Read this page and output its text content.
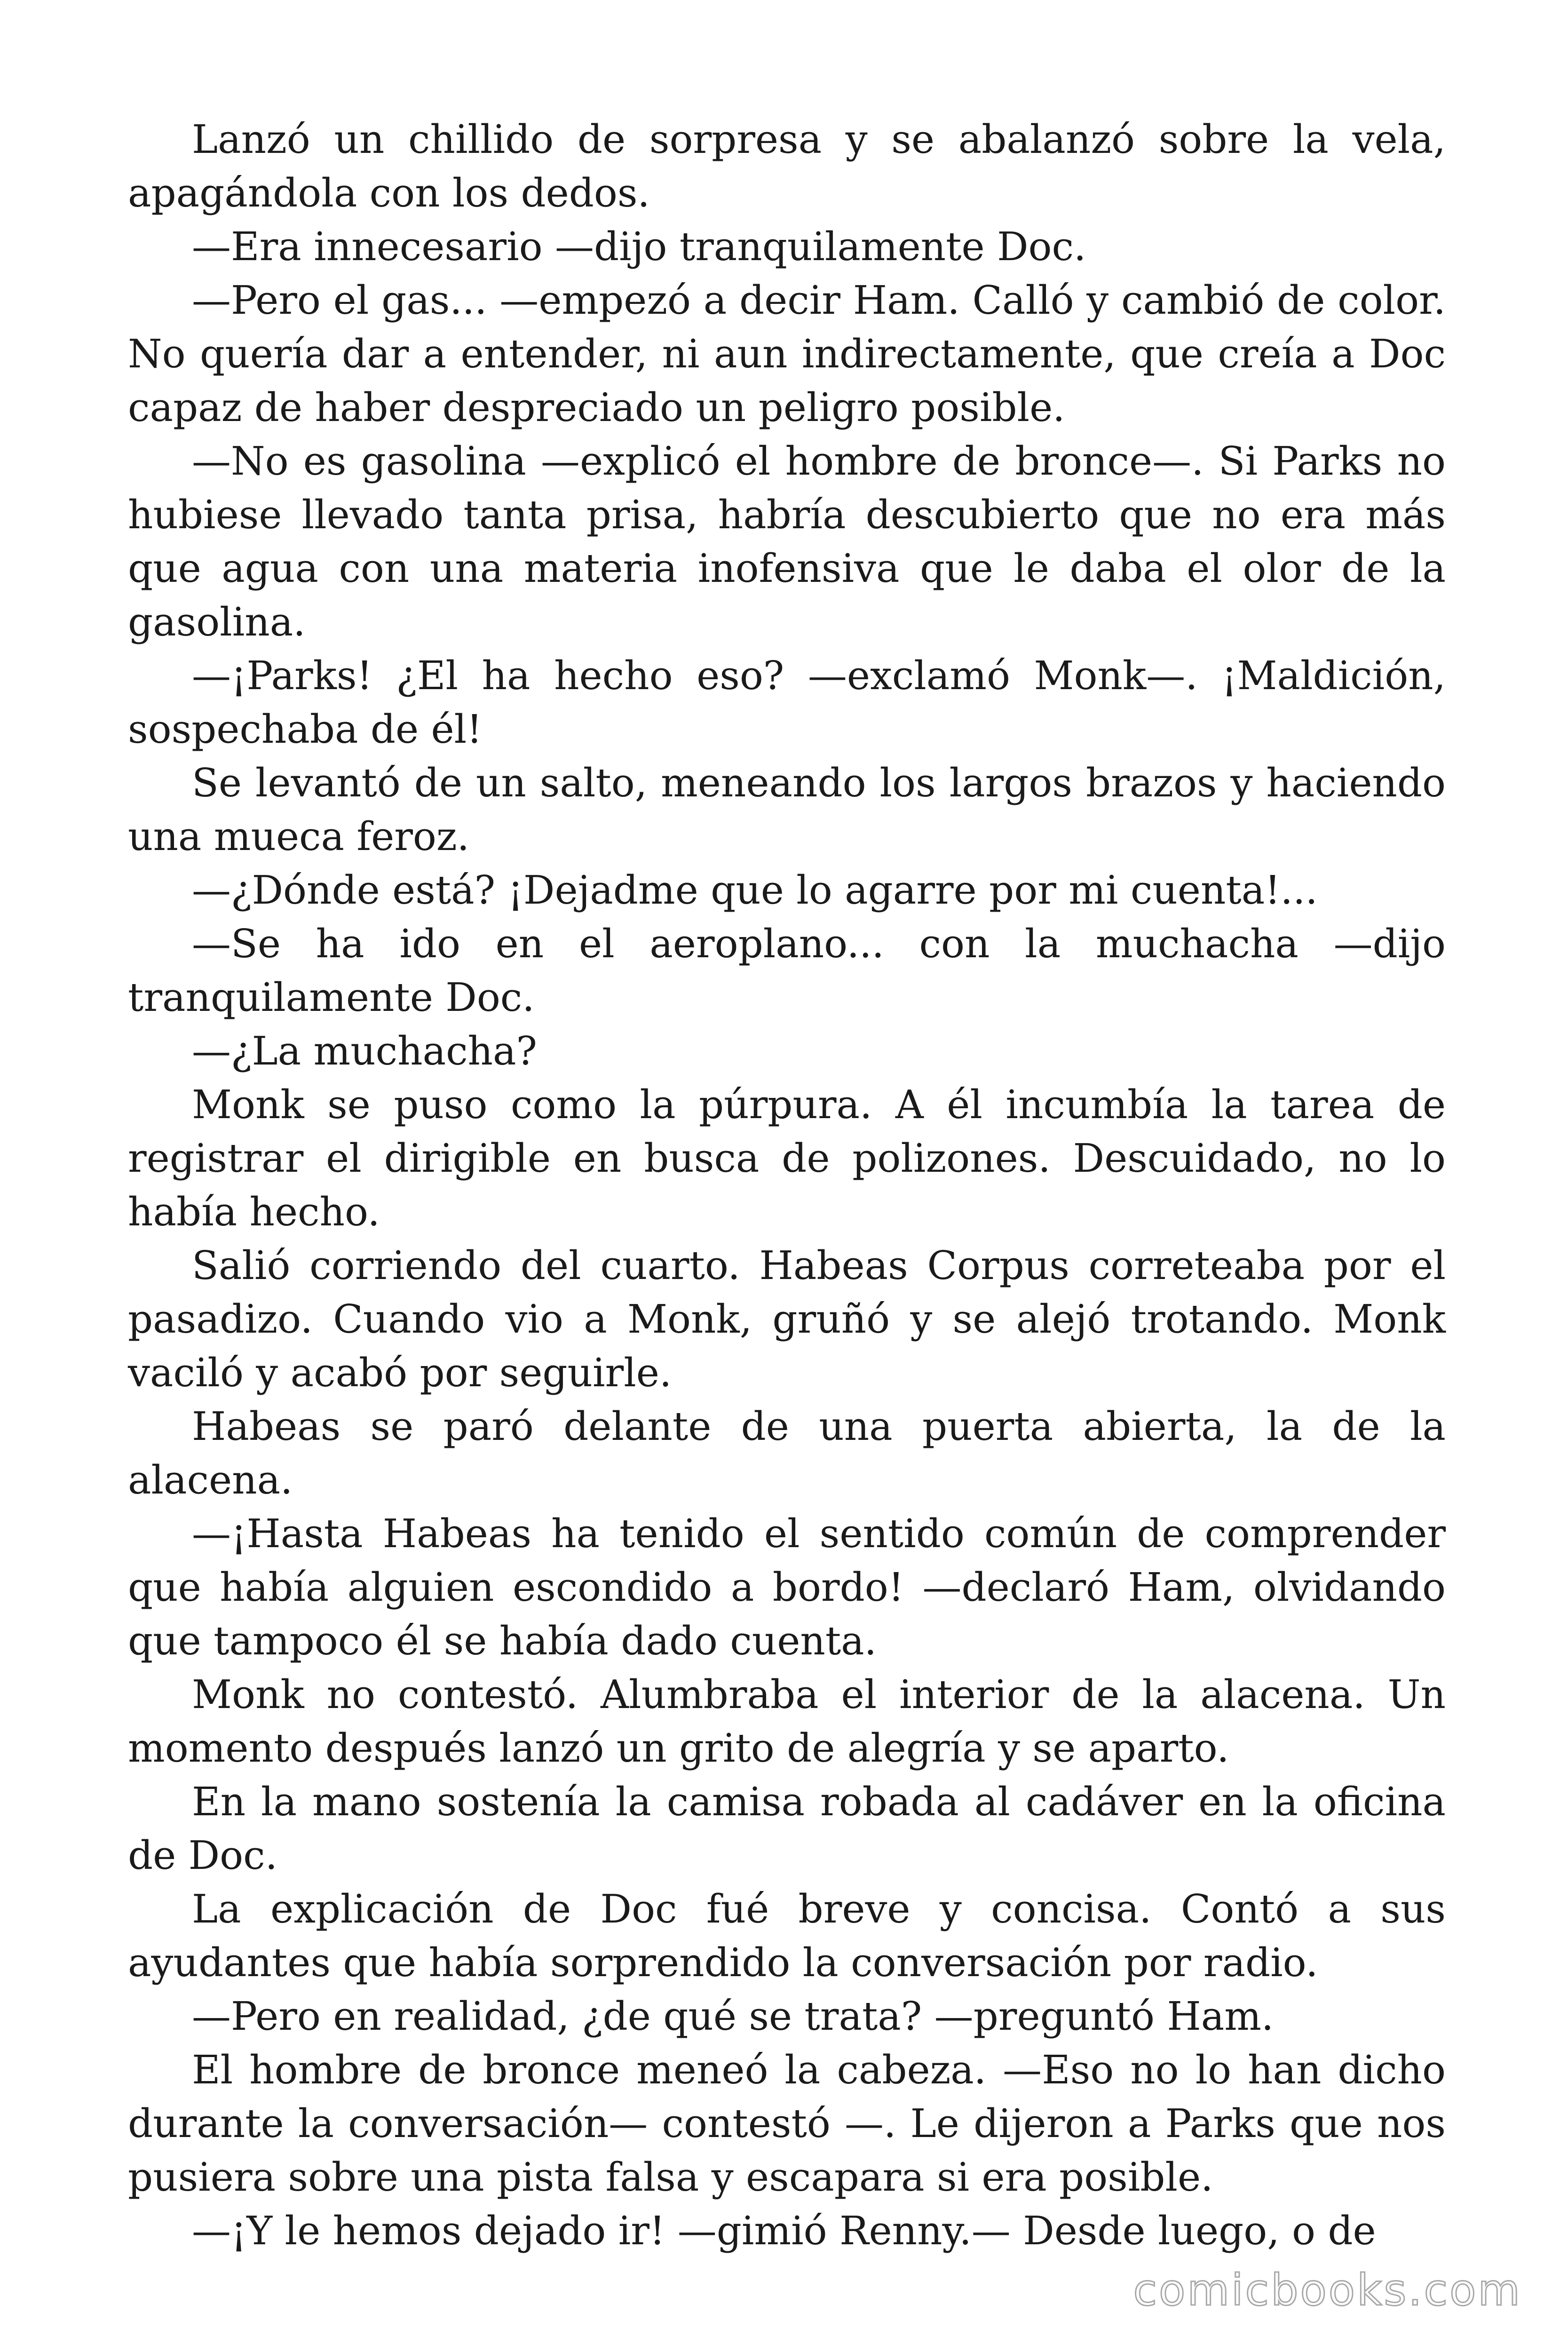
Lanzó un chillido de sorpresa y se abalanzó sobre la vela, apagándola con los dedos.

—Era innecesario —dijo tranquilamente Doc.

—Pero el gas... —empezó a decir Ham. Calló y cambió de color. No quería dar a entender, ni aun indirectamente, que creía a Doc capaz de haber despreciado un peligro posible.

—No es gasolina —explicó el hombre de bronce—. Si Parks no hubiese llevado tanta prisa, habría descubierto que no era más que agua con una materia inofensiva que le daba el olor de la gasolina.

—¡Parks! ¿El ha hecho eso? —exclamó Monk—. ¡Maldición, sospechaba de él!

Se levantó de un salto, meneando los largos brazos y haciendo una mueca feroz.

—¿Dónde está? ¡Dejadme que lo agarre por mi cuenta!...

—Se ha ido en el aeroplano... con la muchacha —dijo tranquilamente Doc.

—¿La muchacha?

Monk se puso como la púrpura. A él incumbía la tarea de registrar el dirigible en busca de polizones. Descuidado, no lo había hecho.

Salió corriendo del cuarto. Habeas Corpus correteaba por el pasadizo. Cuando vio a Monk, gruñó y se alejó trotando. Monk vaciló y acabó por seguirle.

Habeas se paró delante de una puerta abierta, la de la alacena.

—¡Hasta Habeas ha tenido el sentido común de comprender que había alguien escondido a bordo! —declaró Ham, olvidando que tampoco él se había dado cuenta.

Monk no contestó. Alumbraba el interior de la alacena. Un momento después lanzó un grito de alegría y se aparto.

En la mano sostenía la camisa robada al cadáver en la oficina de Doc.

La explicación de Doc fué breve y concisa. Contó a sus ayudantes que había sorprendido la conversación por radio.

—Pero en realidad, ¿de qué se trata? —preguntó Ham.

El hombre de bronce meneó la cabeza. —Eso no lo han dicho durante la conversación— contestó —. Le dijeron a Parks que nos pusiera sobre una pista falsa y escapara si era posible.

—¡Y le hemos dejado ir! —gimió Renny.— Desde luego, o de

comicbooks.com
